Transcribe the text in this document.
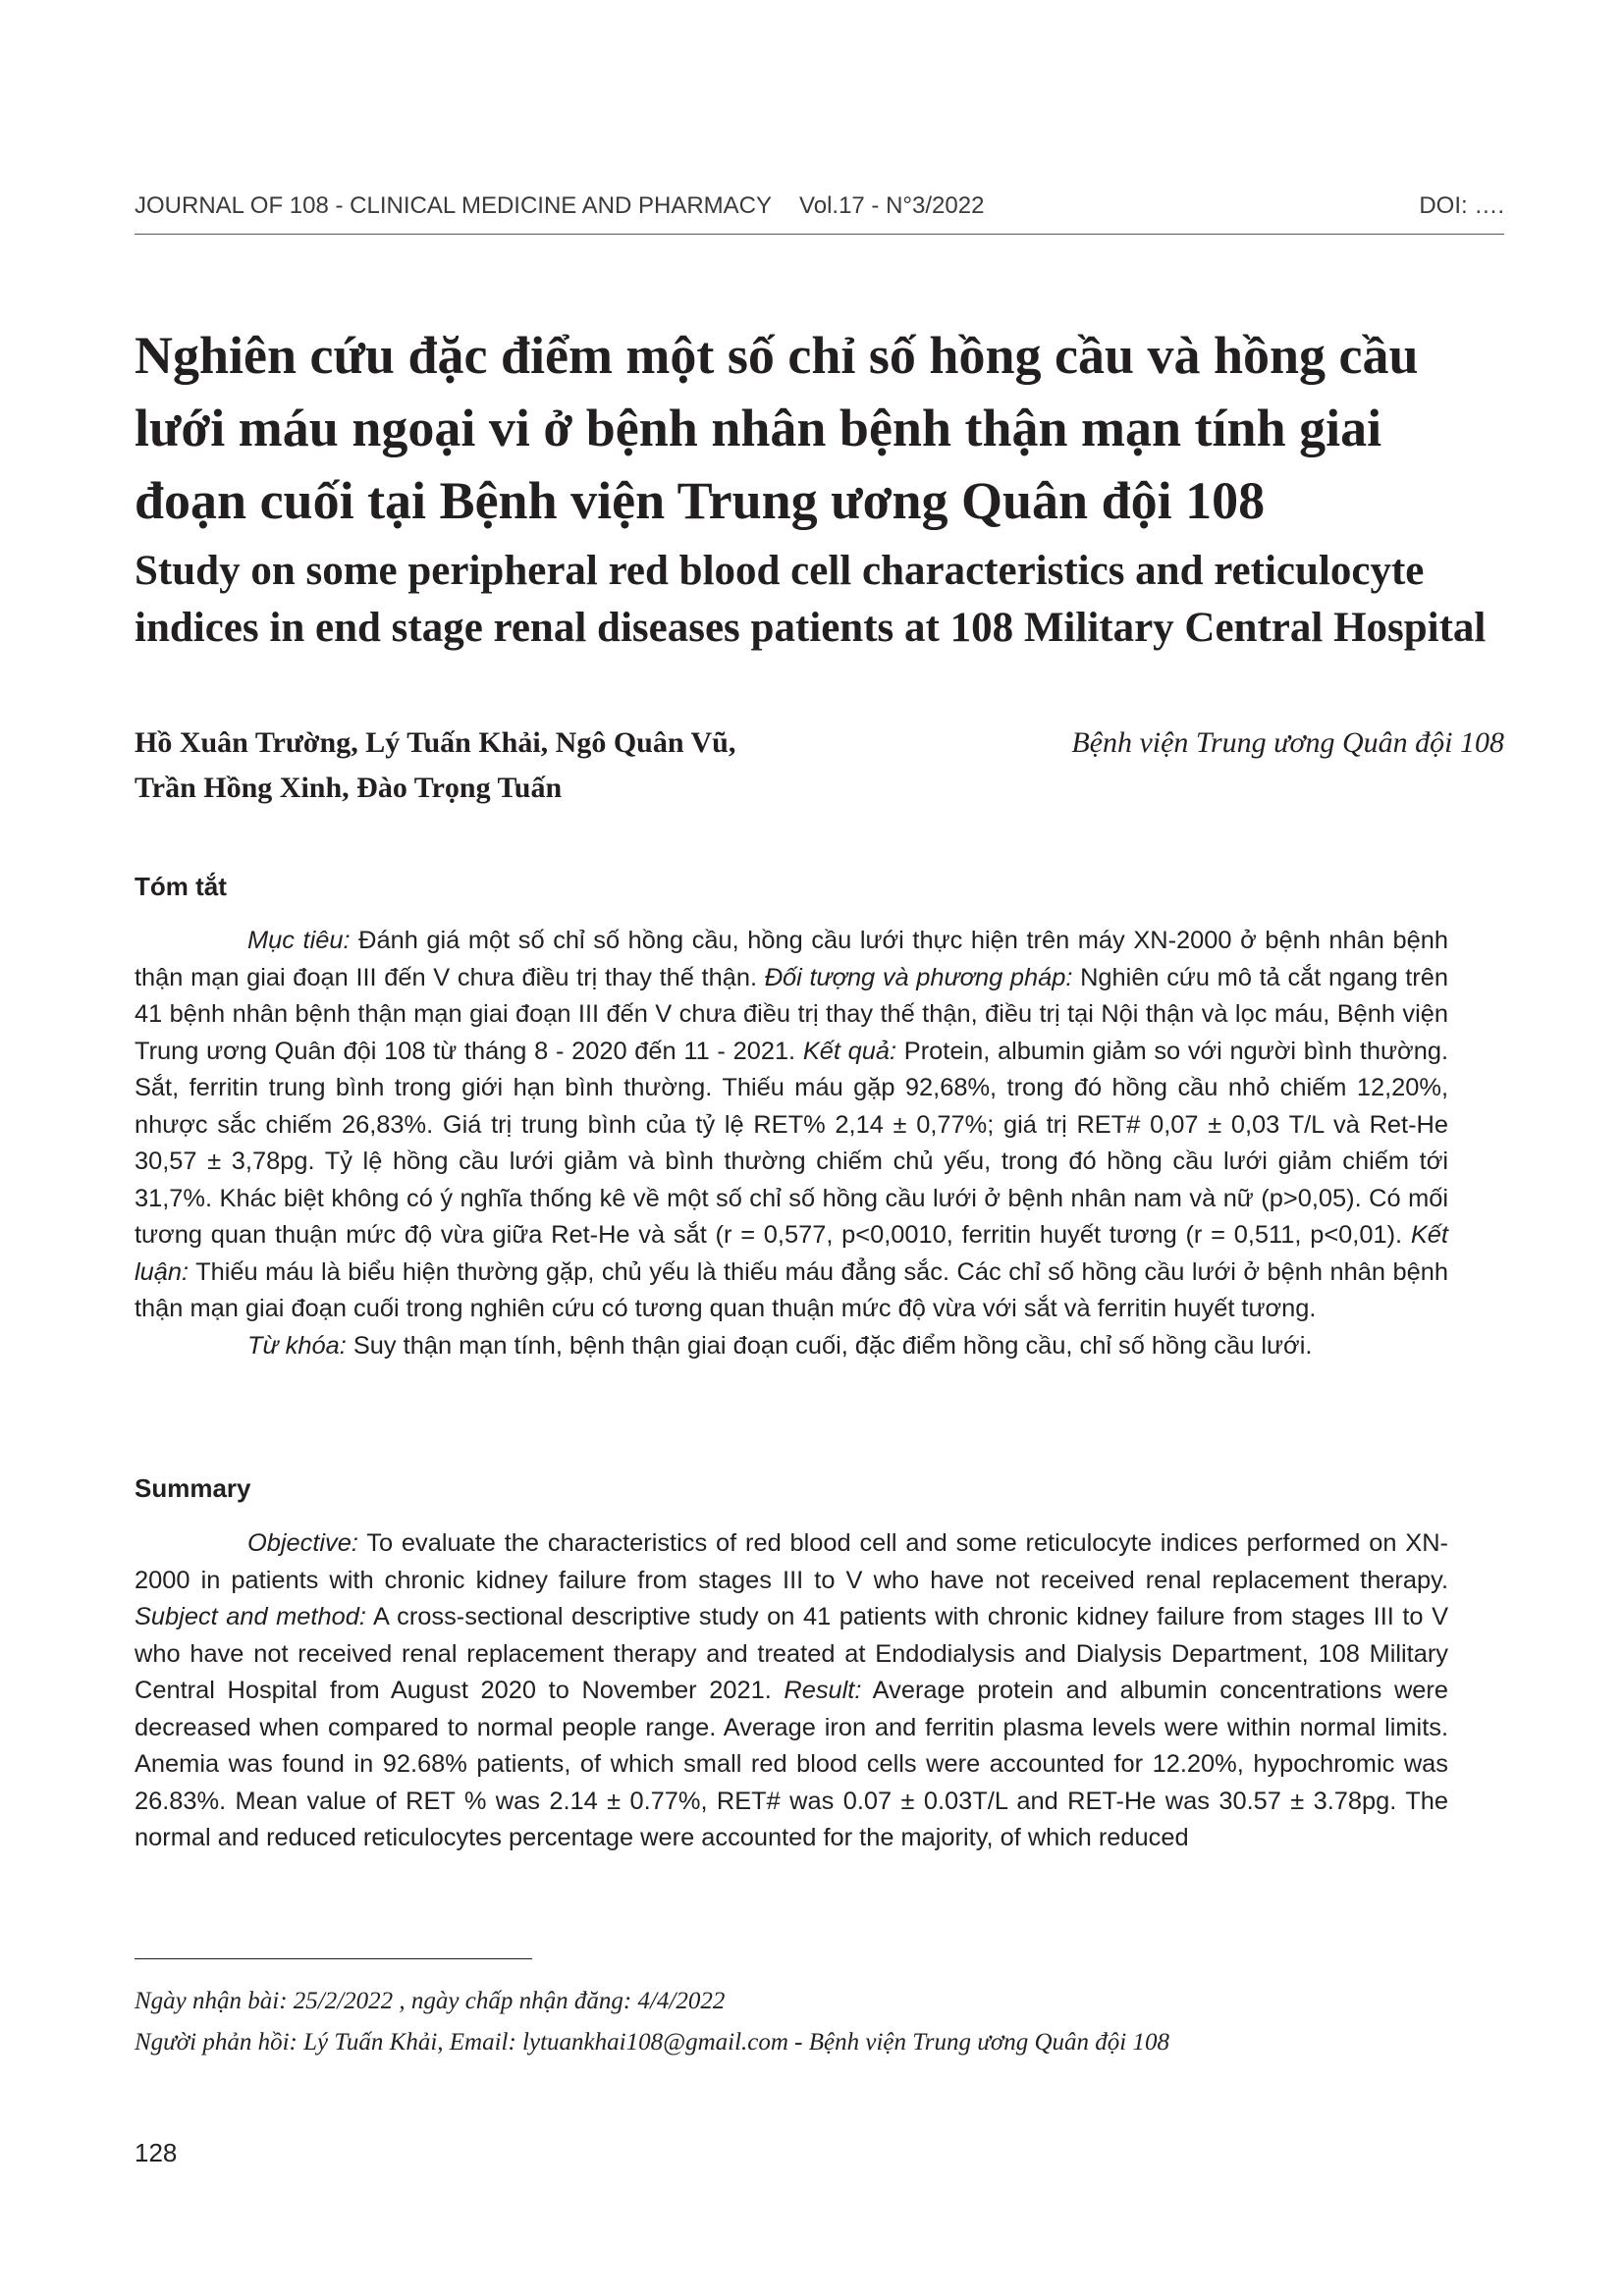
JOURNAL OF 108 - CLINICAL MEDICINE AND PHARMACY Vol.17 - N°3/2022	DOI: ….
Nghiên cứu đặc điểm một số chỉ số hồng cầu và hồng cầu
lưới máu ngoại vi ở bệnh nhân bệnh thận mạn tính giai
đoạn cuối tại Bệnh viện Trung ương Quân đội 108
Study on some peripheral red blood cell characteristics and reticulocyte
indices in end stage renal diseases patients at 108 Military Central Hospital
Hồ Xuân Trường, Lý Tuấn Khải, Ngô Quân Vũ,
Trần Hồng Xinh, Đào Trọng Tuấn
Bệnh viện Trung ương Quân đội 108
Tóm tắt

Mục tiêu: Đánh giá một số chỉ số hồng cầu, hồng cầu lưới thực hiện trên máy XN-2000 ở bệnh nhân bệnh thận mạn giai đoạn III đến V chưa điều trị thay thế thận. Đối tượng và phương pháp: Nghiên cứu mô tả cắt ngang trên 41 bệnh nhân bệnh thận mạn giai đoạn III đến V chưa điều trị thay thế thận, điều trị tại Nội thận và lọc máu, Bệnh viện Trung ương Quân đội 108 từ tháng 8 - 2020 đến 11 - 2021. Kết quả: Protein, albumin giảm so với người bình thường. Sắt, ferritin trung bình trong giới hạn bình thường. Thiếu máu gặp 92,68%, trong đó hồng cầu nhỏ chiếm 12,20%, nhược sắc chiếm 26,83%. Giá trị trung bình của tỷ lệ RET% 2,14 ± 0,77%; giá trị RET# 0,07 ± 0,03 T/L và Ret-He 30,57 ± 3,78pg. Tỷ lệ hồng cầu lưới giảm và bình thường chiếm chủ yếu, trong đó hồng cầu lưới giảm chiếm tới 31,7%. Khác biệt không có ý nghĩa thống kê về một số chỉ số hồng cầu lưới ở bệnh nhân nam và nữ (p>0,05). Có mối tương quan thuận mức độ vừa giữa Ret-He và sắt (r = 0,577, p<0,0010, ferritin huyết tương (r = 0,511, p<0,01). Kết luận: Thiếu máu là biểu hiện thường gặp, chủ yếu là thiếu máu đẳng sắc. Các chỉ số hồng cầu lưới ở bệnh nhân bệnh thận mạn giai đoạn cuối trong nghiên cứu có tương quan thuận mức độ vừa với sắt và ferritin huyết tương.

Từ khóa: Suy thận mạn tính, bệnh thận giai đoạn cuối, đặc điểm hồng cầu, chỉ số hồng cầu lưới.

Summary

Objective: To evaluate the characteristics of red blood cell and some reticulocyte indices performed on XN-2000 in patients with chronic kidney failure from stages III to V who have not received renal replacement therapy. Subject and method: A cross-sectional descriptive study on 41 patients with chronic kidney failure from stages III to V who have not received renal replacement therapy and treated at Endodialysis and Dialysis Department, 108 Military Central Hospital from August 2020 to November 2021. Result: Average protein and albumin concentrations were decreased when compared to normal people range. Average iron and ferritin plasma levels were within normal limits. Anemia was found in 92.68% patients, of which small red blood cells were accounted for 12.20%, hypochromic was 26.83%. Mean value of RET % was 2.14 ± 0.77%, RET# was 0.07 ± 0.03T/L and RET-He was 30.57 ± 3.78pg. The normal and reduced reticulocytes percentage were accounted for the majority, of which reduced

Ngày nhận bài: 25/2/2022 , ngày chấp nhận đăng: 4/4/2022
Người phản hồi: Lý Tuấn Khải, Email: lytuankhai108@gmail.com - Bệnh viện Trung ương Quân đội 108
128
